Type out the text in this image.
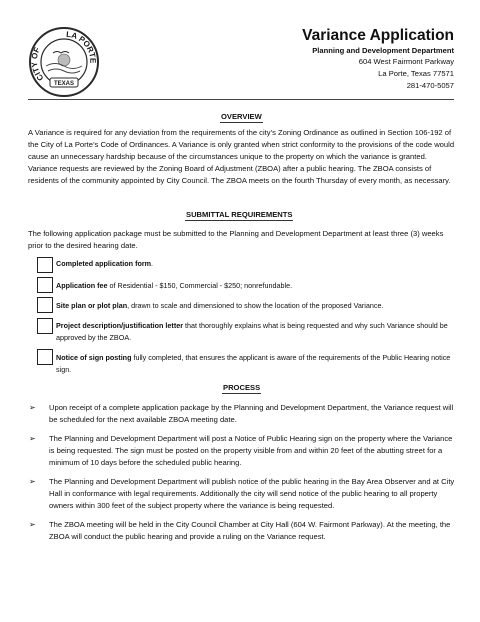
CITY OF
LA PORTE
TEXAS
Variance Application
Planning and Development Department
604 West Fairmont Parkway
La Porte, Texas 77571
281-470-5057
OVERVIEW
A Variance is required for any deviation from the requirements of the city’s Zoning Ordinance as outlined in Section 106-192 of the City of La Porte’s Code of Ordinances. A Variance is only granted when strict conformity to the provisions of the code would cause an unnecessary hardship because of the circumstances unique to the property on which the variance is granted. Variance requests are reviewed by the Zoning Board of Adjustment (ZBOA) after a public hearing. The ZBOA consists of residents of the community appointed by City Council. The ZBOA meets on the fourth Thursday of every month, as necessary.
SUBMITTAL REQUIREMENTS
The following application package must be submitted to the Planning and Development Department at least three (3) weeks prior to the desired hearing date.
Completed application form.
Application fee of Residential - $150, Commercial - $250; nonrefundable.
Site plan or plot plan, drawn to scale and dimensioned to show the location of the proposed Variance.
Project description/justification letter that thoroughly explains what is being requested and why such Variance should be approved by the ZBOA.
Notice of sign posting fully completed, that ensures the applicant is aware of the requirements of the Public Hearing notice sign.
PROCESS
➢ Upon receipt of a complete application package by the Planning and Development Department, the Variance request will be scheduled for the next available ZBOA meeting date.
➢ The Planning and Development Department will post a Notice of Public Hearing sign on the property where the Variance is being requested. The sign must be posted on the property visible from and within 20 feet of the abutting street for a minimum of 10 days before the scheduled public hearing.
➢ The Planning and Development Department will publish notice of the public hearing in the Bay Area Observer and at City Hall in conformance with legal requirements. Additionally the city will send notice of the public hearing to all property owners within 300 feet of the subject property where the variance is being requested.
➢ The ZBOA meeting will be held in the City Council Chamber at City Hall (604 W. Fairmont Parkway). At the meeting, the ZBOA will conduct the public hearing and provide a ruling on the Variance request.
